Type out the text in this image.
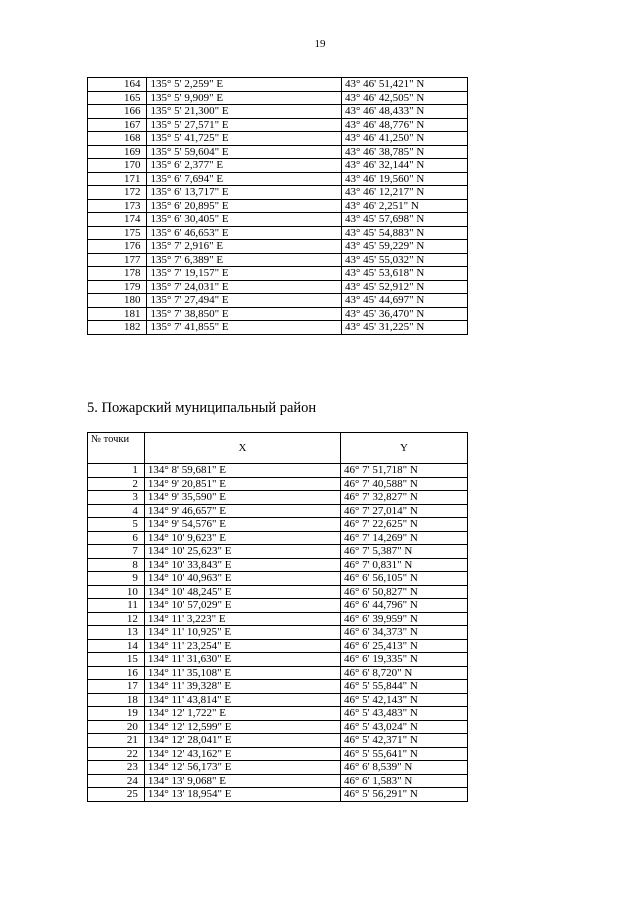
19
164	135° 5' 2,259" E	43° 46' 51,421" N
165	135° 5' 9,909" E	43° 46' 42,505" N
166	135° 5' 21,300" E	43° 46' 48,433" N
167	135° 5' 27,571" E	43° 46' 48,776" N
168	135° 5' 41,725" E	43° 46' 41,250" N
169	135° 5' 59,604" E	43° 46' 38,785" N
170	135° 6' 2,377" E	43° 46' 32,144" N
171	135° 6' 7,694" E	43° 46' 19,560" N
172	135° 6' 13,717" E	43° 46' 12,217" N
173	135° 6' 20,895" E	43° 46' 2,251" N
174	135° 6' 30,405" E	43° 45' 57,698" N
175	135° 6' 46,653" E	43° 45' 54,883" N
176	135° 7' 2,916" E	43° 45' 59,229" N
177	135° 7' 6,389" E	43° 45' 55,032" N
178	135° 7' 19,157" E	43° 45' 53,618" N
179	135° 7' 24,031" E	43° 45' 52,912" N
180	135° 7' 27,494" E	43° 45' 44,697" N
181	135° 7' 38,850" E	43° 45' 36,470" N
182	135° 7' 41,855" E	43° 45' 31,225" N
5. Пожарский муниципальный район
№ точки	X	Y
1	134° 8' 59,681" E	46° 7' 51,718" N
2	134° 9' 20,851" E	46° 7' 40,588" N
3	134° 9' 35,590" E	46° 7' 32,827" N
4	134° 9' 46,657" E	46° 7' 27,014" N
5	134° 9' 54,576" E	46° 7' 22,625" N
6	134° 10' 9,623" E	46° 7' 14,269" N
7	134° 10' 25,623" E	46° 7' 5,387" N
8	134° 10' 33,843" E	46° 7' 0,831" N
9	134° 10' 40,963" E	46° 6' 56,105" N
10	134° 10' 48,245" E	46° 6' 50,827" N
11	134° 10' 57,029" E	46° 6' 44,796" N
12	134° 11' 3,223" E	46° 6' 39,959" N
13	134° 11' 10,925" E	46° 6' 34,373" N
14	134° 11' 23,254" E	46° 6' 25,413" N
15	134° 11' 31,630" E	46° 6' 19,335" N
16	134° 11' 35,108" E	46° 6' 8,720" N
17	134° 11' 39,328" E	46° 5' 55,844" N
18	134° 11' 43,814" E	46° 5' 42,143" N
19	134° 12' 1,722" E	46° 5' 43,483" N
20	134° 12' 12,599" E	46° 5' 43,024" N
21	134° 12' 28,041" E	46° 5' 42,371" N
22	134° 12' 43,162" E	46° 5' 55,641" N
23	134° 12' 56,173" E	46° 6' 8,539" N
24	134° 13' 9,068" E	46° 6' 1,583" N
25	134° 13' 18,954" E	46° 5' 56,291" N
